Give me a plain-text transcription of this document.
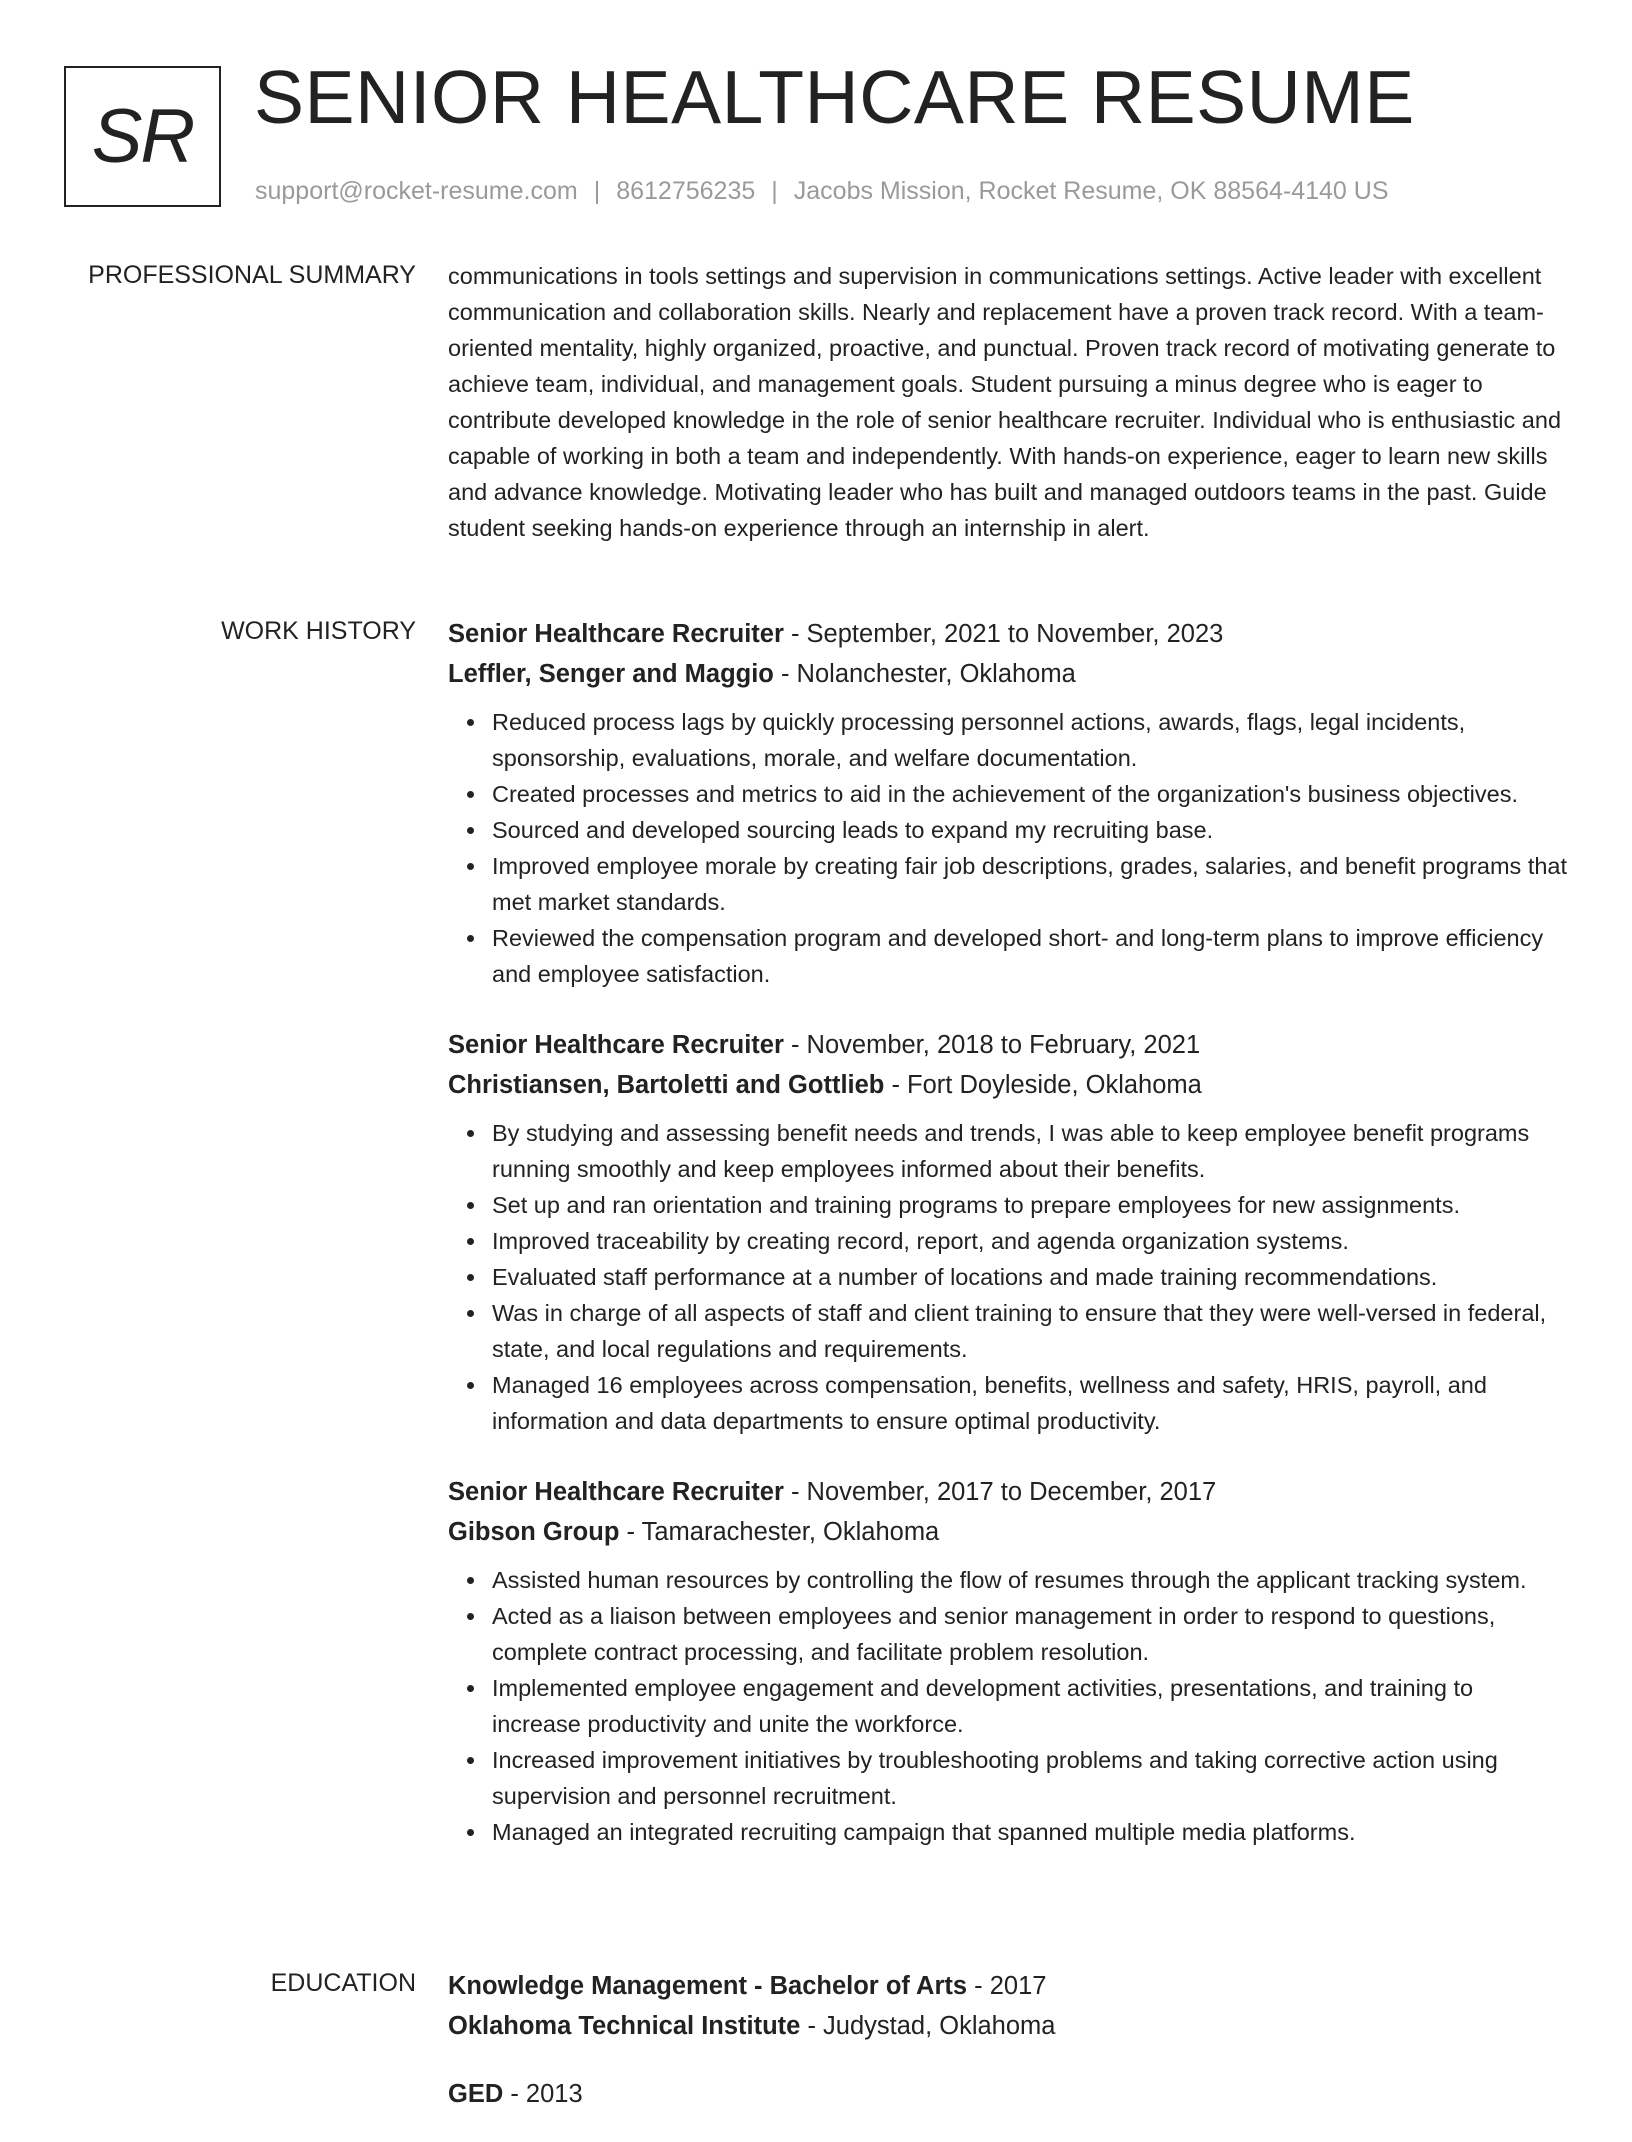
SR SENIOR HEALTHCARE RESUME
support@rocket-resume.com | 8612756235 | Jacobs Mission, Rocket Resume, OK 88564-4140 US
PROFESSIONAL SUMMARY communications in tools settings and supervision in communications settings. Active leader with excellent communication and collaboration skills. Nearly and replacement have a proven track record. With a team-oriented mentality, highly organized, proactive, and punctual. Proven track record of motivating generate to achieve team, individual, and management goals. Student pursuing a minus degree who is eager to contribute developed knowledge in the role of senior healthcare recruiter. Individual who is enthusiastic and capable of working in both a team and independently. With hands-on experience, eager to learn new skills and advance knowledge. Motivating leader who has built and managed outdoors teams in the past. Guide student seeking hands-on experience through an internship in alert.

WORK HISTORY Senior Healthcare Recruiter - September, 2021 to November, 2023
Leffler, Senger and Maggio - Nolanchester, Oklahoma
Reduced process lags by quickly processing personnel actions, awards, flags, legal incidents, sponsorship, evaluations, morale, and welfare documentation.
Created processes and metrics to aid in the achievement of the organization's business objectives.
Sourced and developed sourcing leads to expand my recruiting base.
Improved employee morale by creating fair job descriptions, grades, salaries, and benefit programs that met market standards.
Reviewed the compensation program and developed short- and long-term plans to improve efficiency and employee satisfaction.
Senior Healthcare Recruiter - November, 2018 to February, 2021
Christiansen, Bartoletti and Gottlieb - Fort Doyleside, Oklahoma
By studying and assessing benefit needs and trends, I was able to keep employee benefit programs running smoothly and keep employees informed about their benefits.
Set up and ran orientation and training programs to prepare employees for new assignments.
Improved traceability by creating record, report, and agenda organization systems.
Evaluated staff performance at a number of locations and made training recommendations.
Was in charge of all aspects of staff and client training to ensure that they were well-versed in federal, state, and local regulations and requirements.
Managed 16 employees across compensation, benefits, wellness and safety, HRIS, payroll, and information and data departments to ensure optimal productivity.
Senior Healthcare Recruiter - November, 2017 to December, 2017
Gibson Group - Tamarachester, Oklahoma
Assisted human resources by controlling the flow of resumes through the applicant tracking system.
Acted as a liaison between employees and senior management in order to respond to questions, complete contract processing, and facilitate problem resolution.
Implemented employee engagement and development activities, presentations, and training to increase productivity and unite the workforce.
Increased improvement initiatives by troubleshooting problems and taking corrective action using supervision and personnel recruitment.
Managed an integrated recruiting campaign that spanned multiple media platforms.
EDUCATION Knowledge Management - Bachelor of Arts - 2017
Oklahoma Technical Institute - Judystad, Oklahoma
GED - 2013
